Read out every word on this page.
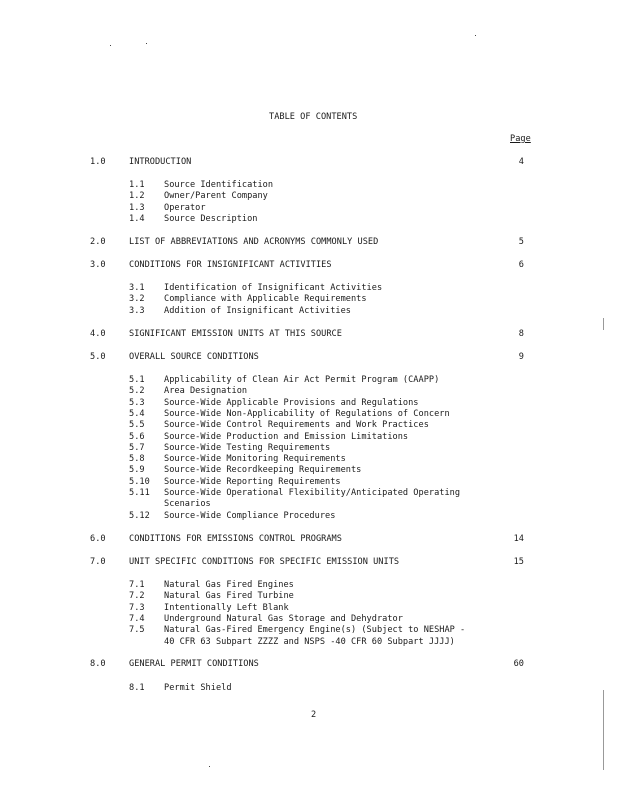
TABLE OF CONTENTS
Page
1.0	INTRODUCTION	4
1.1 Source Identification
1.2 Owner/Parent Company
1.3 Operator
1.4 Source Description
2.0	LIST OF ABBREVIATIONS AND ACRONYMS COMMONLY USED	5
3.0	CONDITIONS FOR INSIGNIFICANT ACTIVITIES	6
3.1 Identification of Insignificant Activities
3.2 Compliance with Applicable Requirements
3.3 Addition of Insignificant Activities
4.0	SIGNIFICANT EMISSION UNITS AT THIS SOURCE	8
5.0	OVERALL SOURCE CONDITIONS	9
5.1 Applicability of Clean Air Act Permit Program (CAAPP)
5.2 Area Designation
5.3 Source-Wide Applicable Provisions and Regulations
5.4 Source-Wide Non-Applicability of Regulations of Concern
5.5 Source-Wide Control Requirements and Work Practices
5.6 Source-Wide Production and Emission Limitations
5.7 Source-Wide Testing Requirements
5.8 Source-Wide Monitoring Requirements
5.9 Source-Wide Recordkeeping Requirements
5.10 Source-Wide Reporting Requirements
5.11 Source-Wide Operational Flexibility/Anticipated Operating
Scenarios
5.12 Source-Wide Compliance Procedures
6.0	CONDITIONS FOR EMISSIONS CONTROL PROGRAMS	14
7.0	UNIT SPECIFIC CONDITIONS FOR SPECIFIC EMISSION UNITS	15
7.1 Natural Gas Fired Engines
7.2 Natural Gas Fired Turbine
7.3 Intentionally Left Blank
7.4 Underground Natural Gas Storage and Dehydrator
7.5 Natural Gas-Fired Emergency Engine(s) (Subject to NESHAP -
40 CFR 63 Subpart ZZZZ and NSPS -40 CFR 60 Subpart JJJJ)
8.0	GENERAL PERMIT CONDITIONS	60
8.1 Permit Shield
2
